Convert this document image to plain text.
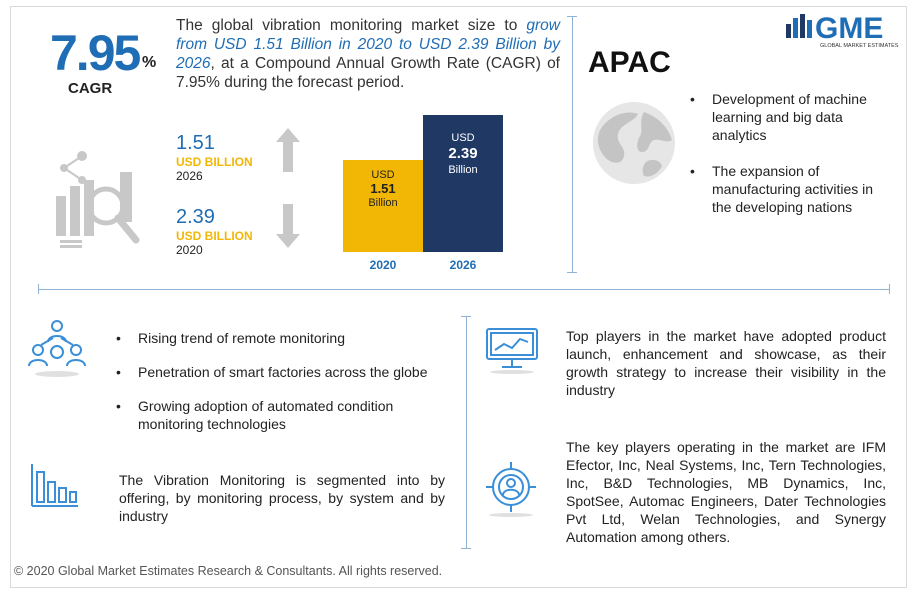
GME
GLOBAL MARKET ESTIMATES
7.95 %
CAGR
The global vibration monitoring market size to grow from USD 1.51 Billion in 2020 to USD 2.39 Billion by 2026, at a Compound Annual Growth Rate (CAGR) of 7.95% during the forecast period.
1.51
USD BILLION
2026
2.39
USD BILLION
2020
USD
1.51
Billion
USD
2.39
Billion
2020	2026
APAC
• Development of machine learning and big data analytics
• The expansion of manufacturing activities in the developing nations
• Rising trend of remote monitoring
• Penetration of smart factories across the globe
• Growing adoption of automated condition monitoring technologies
The Vibration Monitoring is segmented into by offering, by monitoring process, by system and by industry
Top players in the market have adopted product launch, enhancement and showcase, as their growth strategy to increase their visibility in the industry
The key players operating in the market are IFM Efector, Inc, Neal Systems, Inc, Tern Technologies, Inc, B&D Technologies, MB Dynamics, Inc, SpotSee, Automac Engineers, Dater Technologies Pvt Ltd, Welan Technologies, and Synergy Automation among others.
© 2020 Global Market Estimates Research & Consultants. All rights reserved.
